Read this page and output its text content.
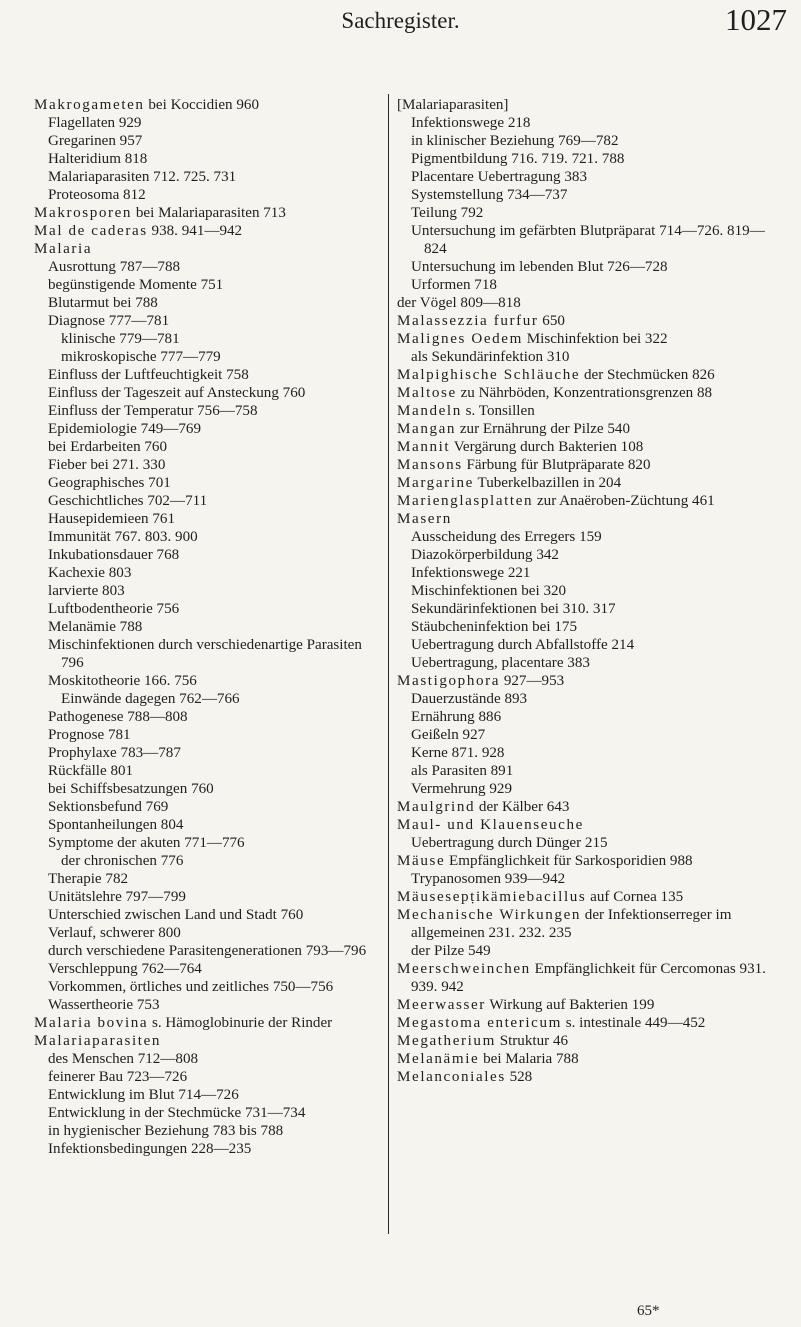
Sachregister.	1027

Makrogameten bei Koccidien 960

Flagellaten 929

Gregarinen 957

Halteridium 818

Malariaparasiten 712. 725. 731

Proteosoma 812

Makrosporen bei Malariaparasiten 713

Mal de caderas 938. 941—942

Malaria

Ausrottung 787—788

begünstigende Momente 751

Blutarmut bei 788

Diagnose 777—781

klinische 779—781

mikroskopische 777—779

Einfluss der Luftfeuchtigkeit 758

Einfluss der Tageszeit auf Ansteckung 760

Einfluss der Temperatur 756—758

Epidemiologie 749—769

bei Erdarbeiten 760

Fieber bei 271. 330

Geographisches 701

Geschichtliches 702—711

Hausepidemieen 761

Immunität 767. 803. 900

Inkubationsdauer 768

Kachexie 803

larvierte 803

Luftbodentheorie 756

Melanämie 788

Mischinfektionen durch verschiedenartige Parasiten 796

Moskitotheorie 166. 756

Einwände dagegen 762—766

Pathogenese 788—808

Prognose 781

Prophylaxe 783—787

Rückfälle 801

bei Schiffsbesatzungen 760

Sektionsbefund 769

Spontanheilungen 804

Symptome der akuten 771—776

der chronischen 776

Therapie 782

Unitätslehre 797—799

Unterschied zwischen Land und Stadt 760

Verlauf, schwerer 800

durch verschiedene Parasitengenerationen 793—796

Verschleppung 762—764

Vorkommen, örtliches und zeitliches 750—756

Wassertheorie 753

Malaria bovina s. Hämoglobinurie der Rinder

Malariaparasiten

des Menschen 712—808

feinerer Bau 723—726

Entwicklung im Blut 714—726

Entwicklung in der Stechmücke 731—734

in hygienischer Beziehung 783 bis 788

Infektionsbedingungen 228—235

[Malariaparasiten]

Infektionswege 218

in klinischer Beziehung 769—782

Pigmentbildung 716. 719. 721. 788

Placentare Uebertragung 383

Systemstellung 734—737

Teilung 792

Untersuchung im gefärbten Blutpräparat 714—726. 819—824

Untersuchung im lebenden Blut 726—728

Urformen 718

der Vögel 809—818

Malassezzia furfur 650

Malignes Oedem Mischinfektion bei 322

als Sekundärinfektion 310

Malpighische Schläuche der Stechmücken 826

Maltose zu Nährböden, Konzentrationsgrenzen 88

Mandeln s. Tonsillen

Mangan zur Ernährung der Pilze 540

Mannit Vergärung durch Bakterien 108

Mansons Färbung für Blutpräparate 820

Margarine Tuberkelbazillen in 204

Marienglasplatten zur Anaëroben-Züchtung 461

Masern

Ausscheidung des Erregers 159

Diazokörperbildung 342

Infektionswege 221

Mischinfektionen bei 320

Sekundärinfektionen bei 310. 317

Stäubcheninfektion bei 175

Uebertragung durch Abfallstoffe 214

Uebertragung, placentare 383

Mastigophora 927—953

Dauerzustände 893

Ernährung 886

Geißeln 927

Kerne 871. 928

als Parasiten 891

Vermehrung 929

Maulgrind der Kälber 643

Maul- und Klauenseuche

Uebertragung durch Dünger 215

Mäuse Empfänglichkeit für Sarkosporidien 988

Trypanosomen 939—942

Mäusesepṭikämiebacillus auf Cornea 135

Mechanische Wirkungen der Infektionserreger im allgemeinen 231. 232. 235

der Pilze 549

Meerschweinchen Empfänglichkeit für Cercomonas 931. 939. 942

Meerwasser Wirkung auf Bakterien 199

Megastoma entericum s. intestinale 449—452

Megatherium Struktur 46

Melanämie bei Malaria 788

Melanconiales 528

65*
